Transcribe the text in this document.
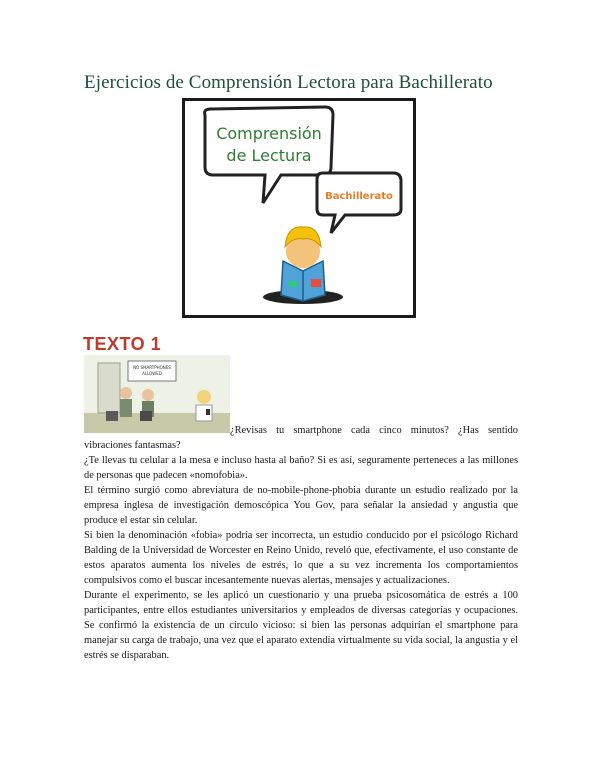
Ejercicios de Comprensión Lectora para Bachillerato
Comprensión
de Lectura
Bachillerato
TEXTO 1
NO SMARTPHONES
ALLOWED

¿Revisas tu smartphone cada cinco minutos? ¿Has sentido vibraciones fantasmas?

¿Te llevas tu celular a la mesa e incluso hasta al baño? Si es así, seguramente perteneces a las millones de personas que padecen «nomofobia».

El término surgió como abreviatura de no-mobile-phone-phobia durante un estudio realizado por la empresa inglesa de investigación demoscópica You Gov, para señalar la ansiedad y angustia que produce el estar sin celular.

Si bien la denominación «fobia» podría ser incorrecta, un estudio conducido por el psicólogo Richard Balding de la Universidad de Worcester en Reino Unido, reveló que, efectivamente, el uso constante de estos aparatos aumenta los niveles de estrés, lo que a su vez incrementa los comportamientos compulsivos como el buscar incesantemente nuevas alertas, mensajes y actualizaciones.

Durante el experimento, se les aplicó un cuestionario y una prueba psicosomática de estrés a 100 participantes, entre ellos estudiantes universitarios y empleados de diversas categorías y ocupaciones. Se confirmó la existencia de un círculo vicioso: si bien las personas adquirían el smartphone para manejar su carga de trabajo, una vez que el aparato extendía virtualmente su vida social, la angustia y el estrés se disparaban.
